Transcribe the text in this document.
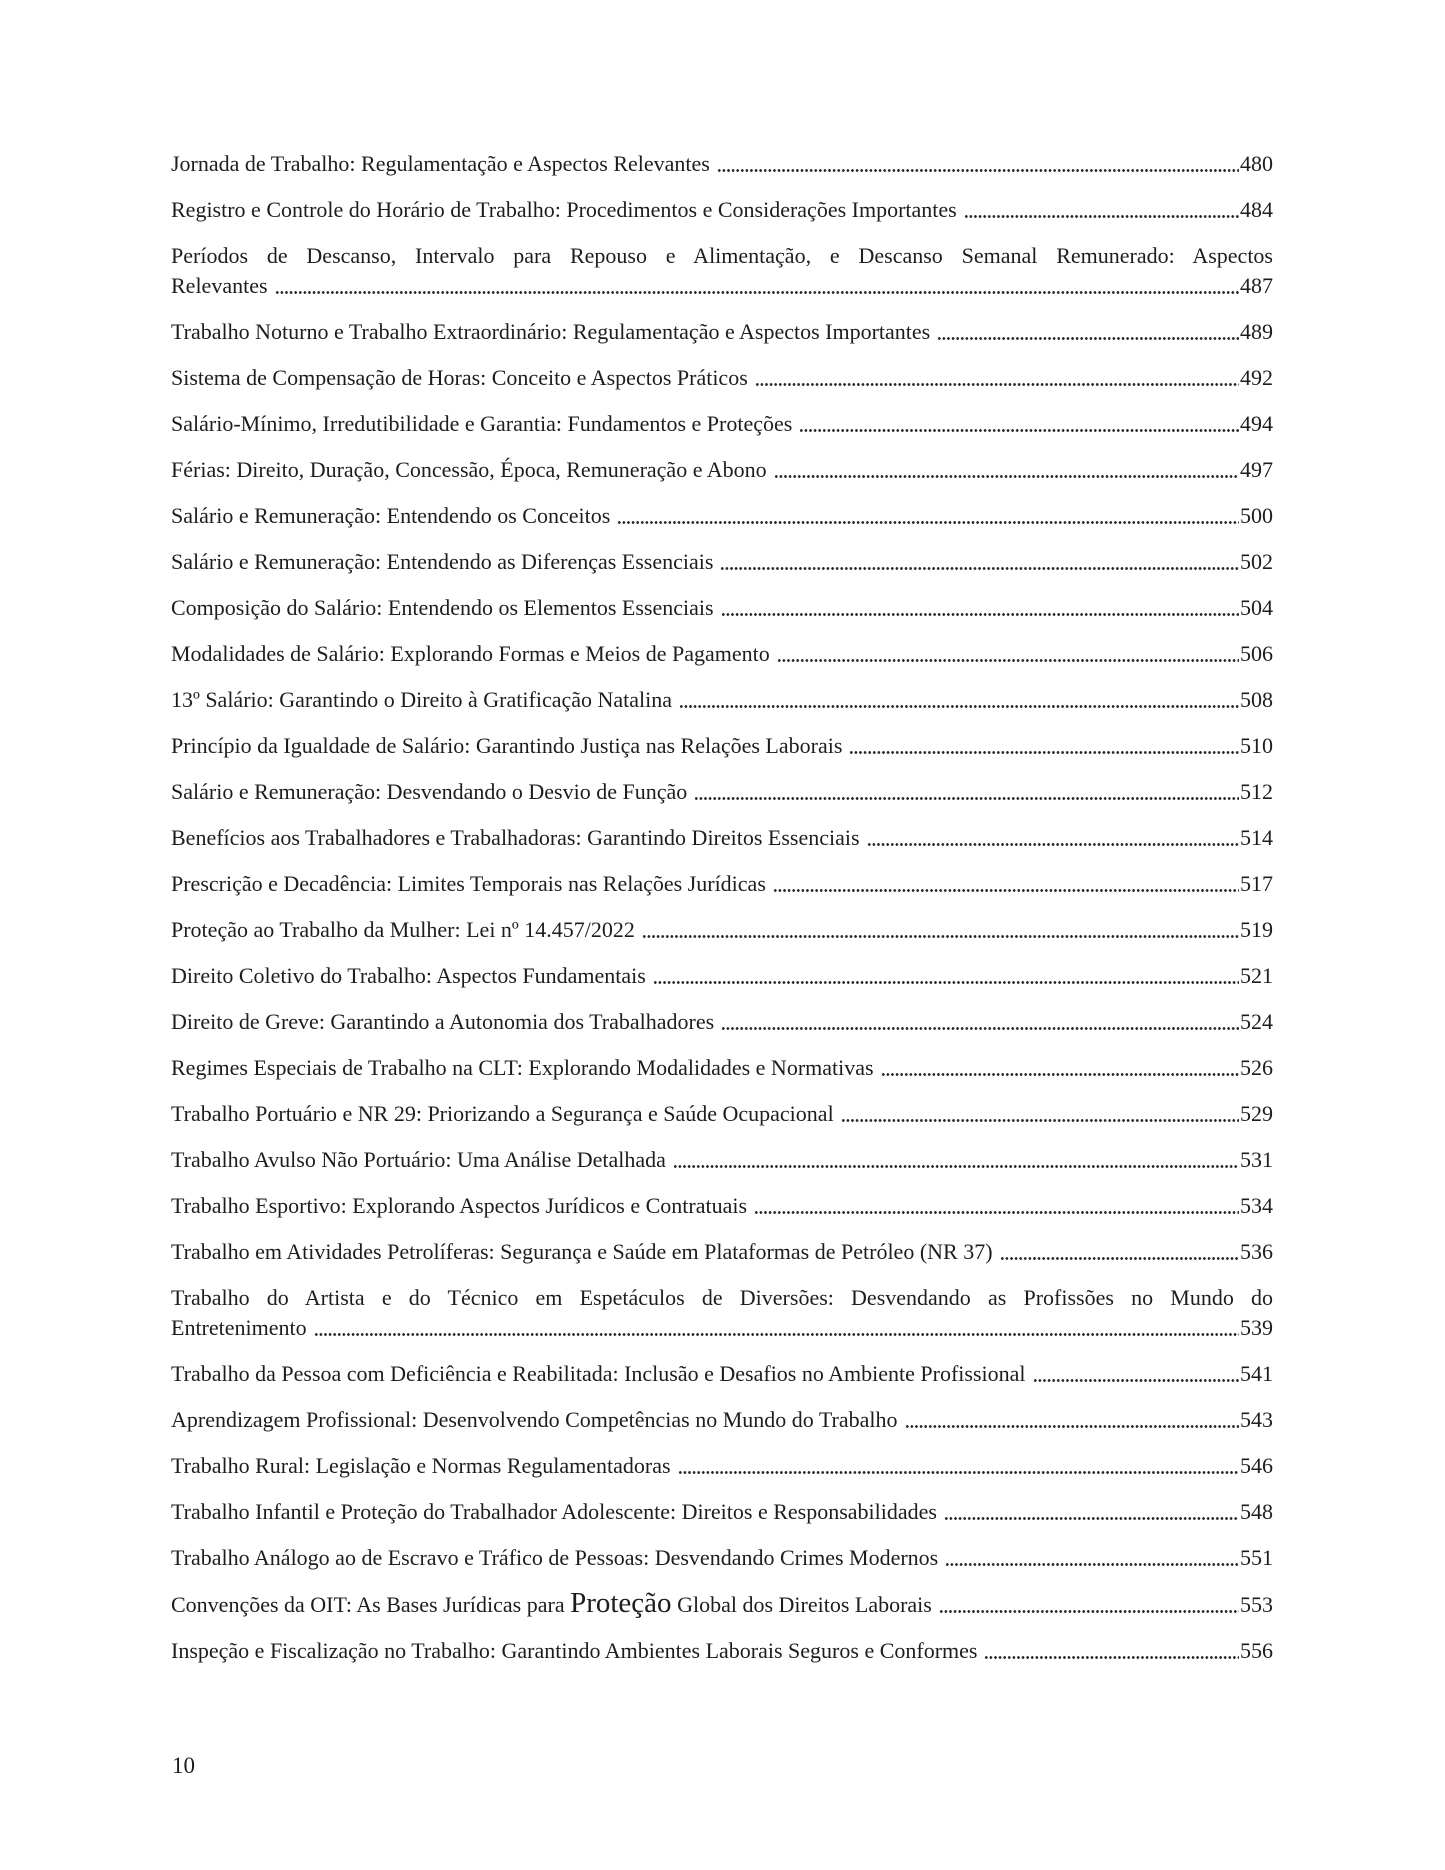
Jornada de Trabalho: Regulamentação e Aspectos Relevantes	480
Registro e Controle do Horário de Trabalho: Procedimentos e Considerações Importantes	484
Períodos de Descanso, Intervalo para Repouso e Alimentação, e Descanso Semanal Remunerado: Aspectos
Relevantes	487
Trabalho Noturno e Trabalho Extraordinário: Regulamentação e Aspectos Importantes	489
Sistema de Compensação de Horas: Conceito e Aspectos Práticos	492
Salário-Mínimo, Irredutibilidade e Garantia: Fundamentos e Proteções	494
Férias: Direito, Duração, Concessão, Época, Remuneração e Abono	497
Salário e Remuneração: Entendendo os Conceitos	500
Salário e Remuneração: Entendendo as Diferenças Essenciais	502
Composição do Salário: Entendendo os Elementos Essenciais	504
Modalidades de Salário: Explorando Formas e Meios de Pagamento	506
13º Salário: Garantindo o Direito à Gratificação Natalina	508
Princípio da Igualdade de Salário: Garantindo Justiça nas Relações Laborais	510
Salário e Remuneração: Desvendando o Desvio de Função	512
Benefícios aos Trabalhadores e Trabalhadoras: Garantindo Direitos Essenciais	514
Prescrição e Decadência: Limites Temporais nas Relações Jurídicas	517
Proteção ao Trabalho da Mulher: Lei nº 14.457/2022	519
Direito Coletivo do Trabalho: Aspectos Fundamentais	521
Direito de Greve: Garantindo a Autonomia dos Trabalhadores	524
Regimes Especiais de Trabalho na CLT: Explorando Modalidades e Normativas	526
Trabalho Portuário e NR 29: Priorizando a Segurança e Saúde Ocupacional	529
Trabalho Avulso Não Portuário: Uma Análise Detalhada	531
Trabalho Esportivo: Explorando Aspectos Jurídicos e Contratuais	534
Trabalho em Atividades Petrolíferas: Segurança e Saúde em Plataformas de Petróleo (NR 37)	536
Trabalho do Artista e do Técnico em Espetáculos de Diversões: Desvendando as Profissões no Mundo do
Entretenimento	539
Trabalho da Pessoa com Deficiência e Reabilitada: Inclusão e Desafios no Ambiente Profissional	541
Aprendizagem Profissional: Desenvolvendo Competências no Mundo do Trabalho	543
Trabalho Rural: Legislação e Normas Regulamentadoras	546
Trabalho Infantil e Proteção do Trabalhador Adolescente: Direitos e Responsabilidades	548
Trabalho Análogo ao de Escravo e Tráfico de Pessoas: Desvendando Crimes Modernos	551
Convenções da OIT: As Bases Jurídicas para Proteção Global dos Direitos Laborais	553
Inspeção e Fiscalização no Trabalho: Garantindo Ambientes Laborais Seguros e Conformes	556
10
